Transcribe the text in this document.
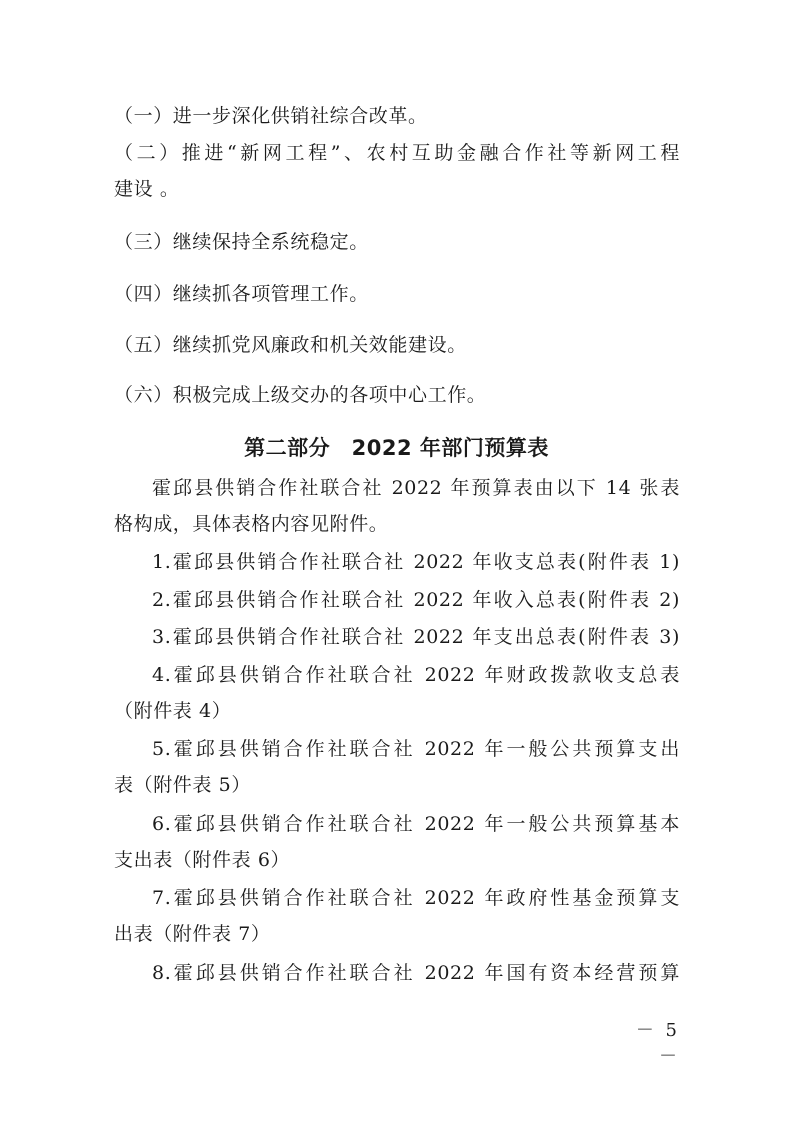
（一）进一步深化供销社综合改革。
（二）推进“新网工程”、农村互助金融合作社等新网工程
建设 。
（三）继续保持全系统稳定。
（四）继续抓各项管理工作。
（五）继续抓党风廉政和机关效能建设。
（六）积极完成上级交办的各项中心工作。
第二部分　2022 年部门预算表
霍邱县供销合作社联合社 2022 年预算表由以下 14 张表
格构成，具体表格内容见附件。
1.霍邱县供销合作社联合社 2022 年收支总表(附件表 1)
2.霍邱县供销合作社联合社 2022 年收入总表(附件表 2)
3.霍邱县供销合作社联合社 2022 年支出总表(附件表 3)
4.霍邱县供销合作社联合社 2022 年财政拨款收支总表
（附件表 4）
5.霍邱县供销合作社联合社 2022 年一般公共预算支出
表（附件表 5）
6.霍邱县供销合作社联合社 2022 年一般公共预算基本
支出表（附件表 6）
7.霍邱县供销合作社联合社 2022 年政府性基金预算支
出表（附件表 7）
8.霍邱县供销合作社联合社 2022 年国有资本经营预算
－ 5 －
